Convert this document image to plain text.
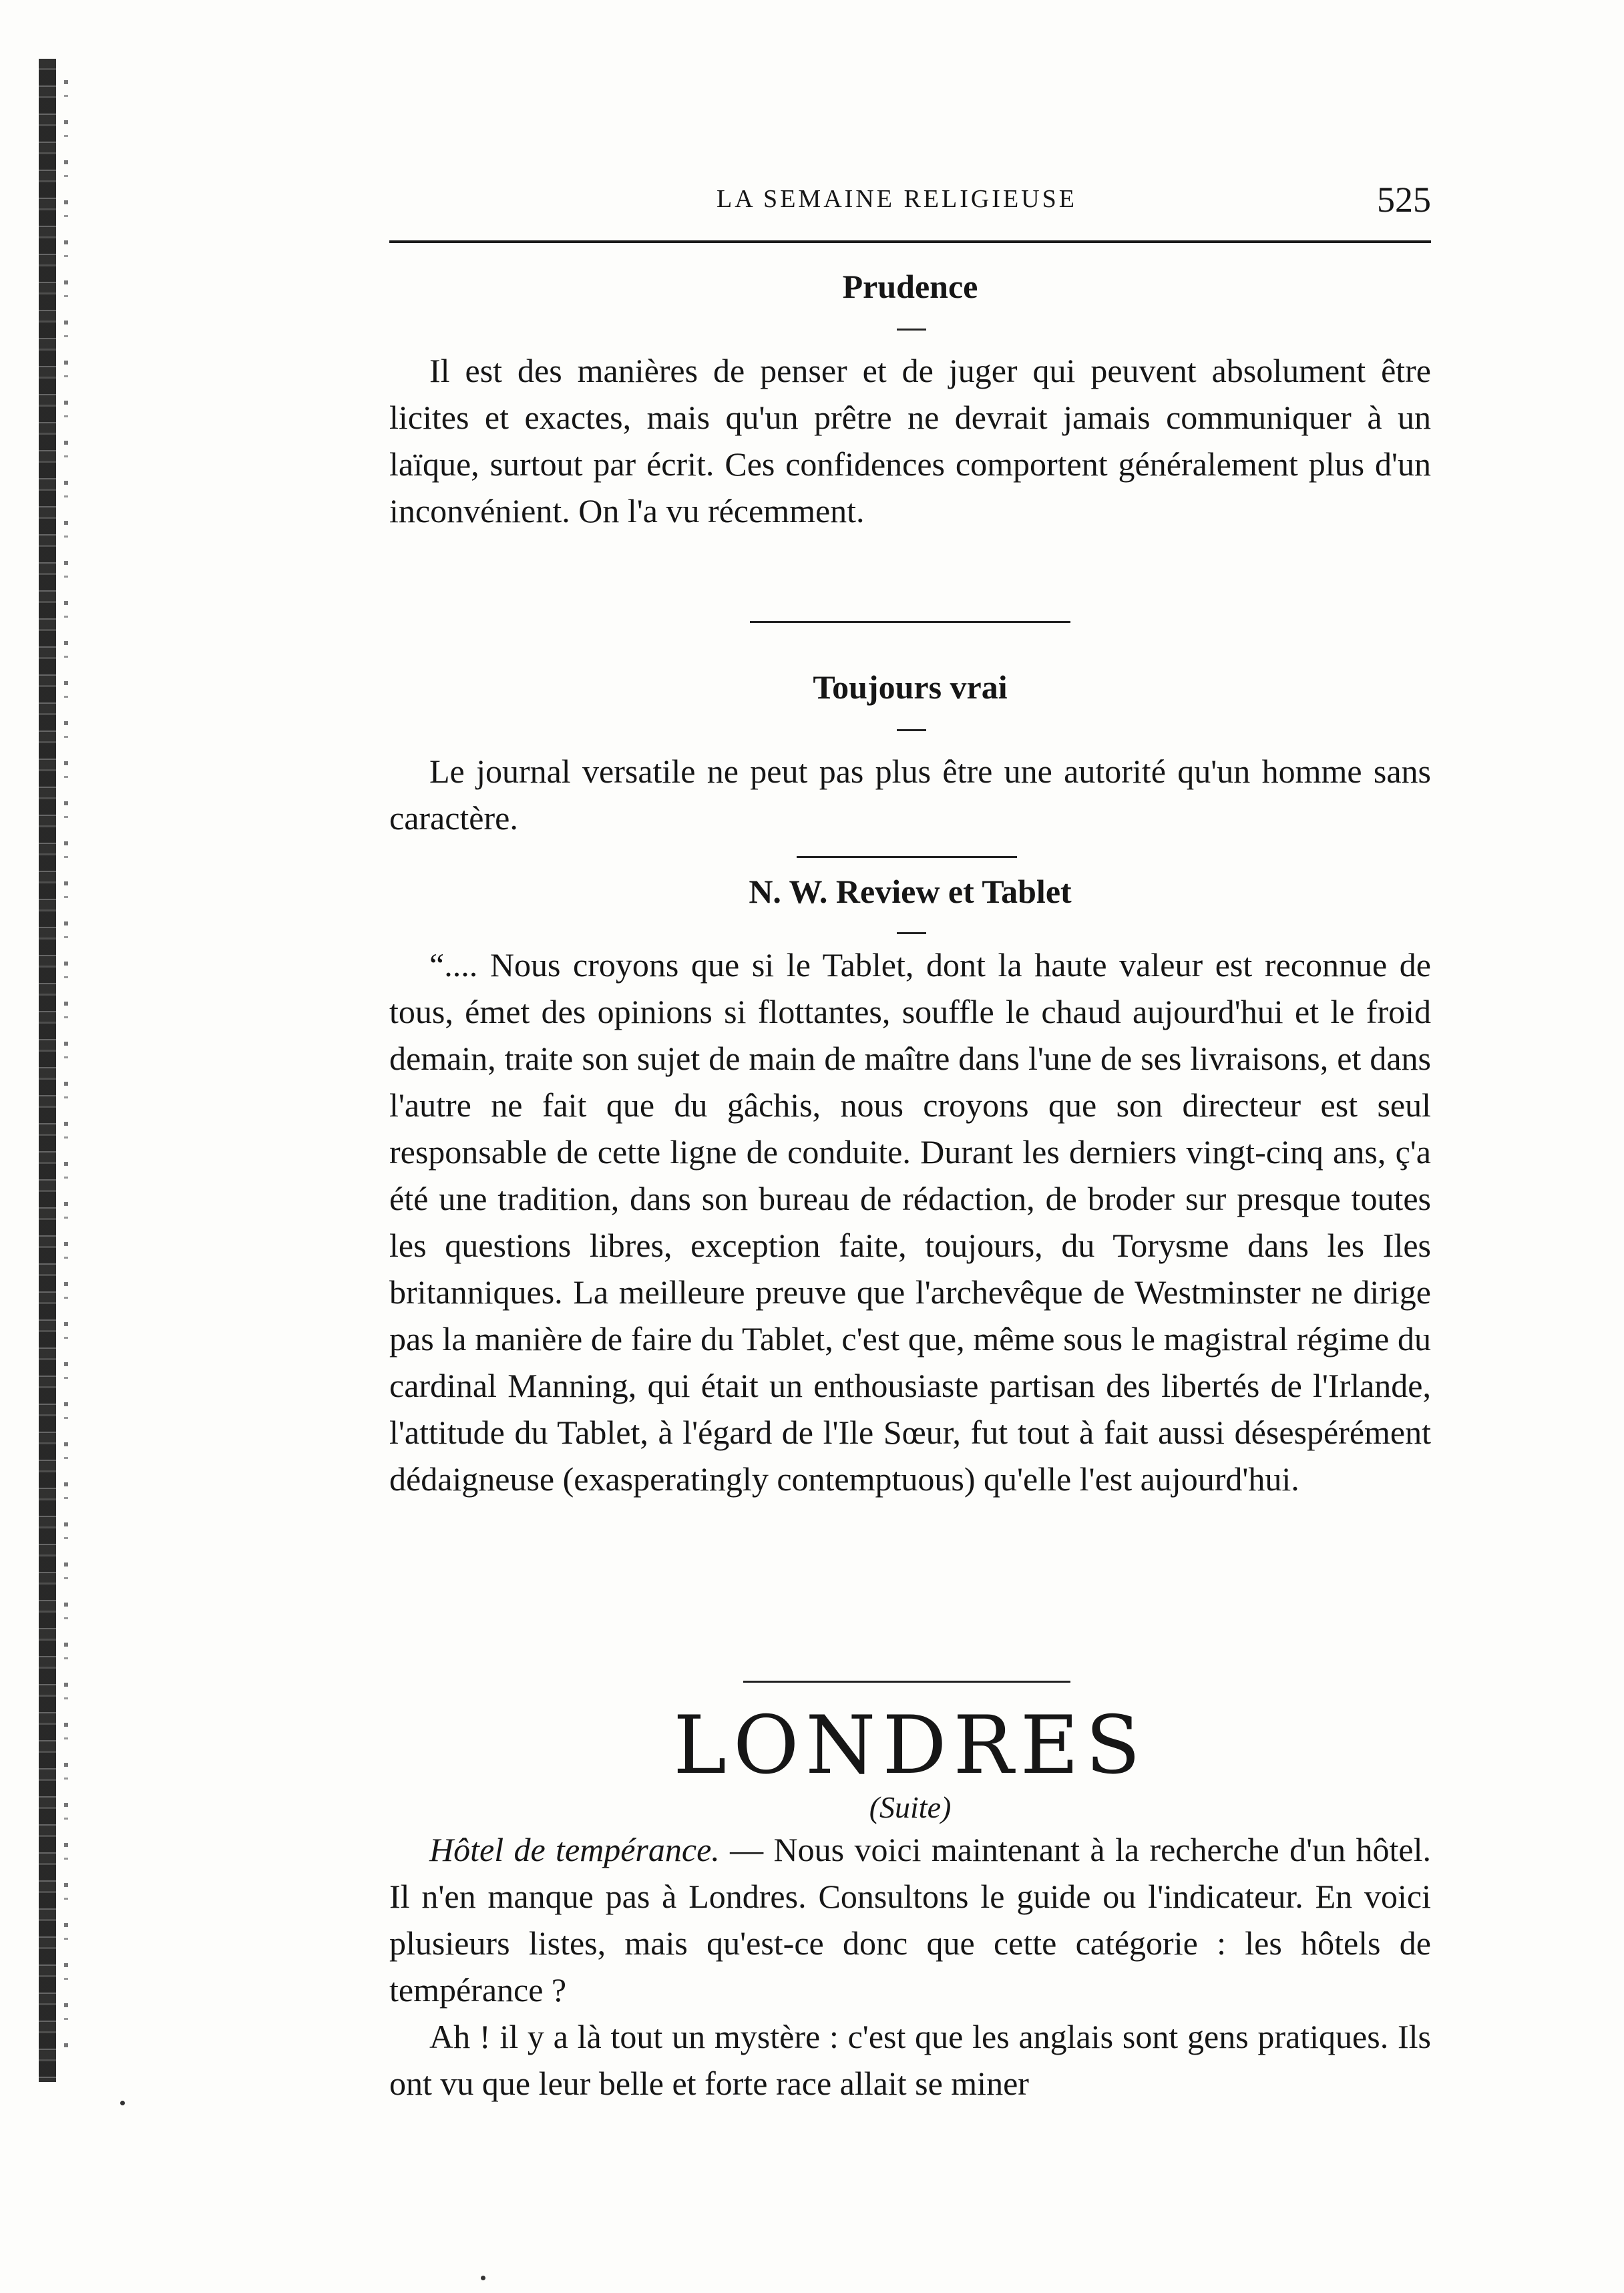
LA SEMAINE RELIGIEUSE	525
Prudence

Il est des manières de penser et de juger qui peuvent absolument être licites et exactes, mais qu'un prêtre ne devrait jamais communiquer à un laïque, surtout par écrit. Ces confidences comportent généralement plus d'un inconvénient. On l'a vu récemment.

Toujours vrai

Le journal versatile ne peut pas plus être une autorité qu'un homme sans caractère.

N. W. Review et Tablet

“.... Nous croyons que si le Tablet, dont la haute valeur est reconnue de tous, émet des opinions si flottantes, souffle le chaud aujourd'hui et le froid demain, traite son sujet de main de maître dans l'une de ses livraisons, et dans l'autre ne fait que du gâchis, nous croyons que son directeur est seul responsable de cette ligne de conduite. Durant les derniers vingt-cinq ans, ç'a été une tradition, dans son bureau de rédaction, de broder sur presque toutes les questions libres, exception faite, toujours, du Torysme dans les Iles britanniques. La meilleure preuve que l'archevêque de Westminster ne dirige pas la manière de faire du Tablet, c'est que, même sous le magistral régime du cardinal Manning, qui était un enthousiaste partisan des libertés de l'Irlande, l'attitude du Tablet, à l'égard de l'Ile Sœur, fut tout à fait aussi désespérément dédaigneuse (exasperatingly contemptuous) qu'elle l'est aujourd'hui.

LONDRES
(Suite)

Hôtel de tempérance. — Nous voici maintenant à la recherche d'un hôtel. Il n'en manque pas à Londres. Consultons le guide ou l'indicateur. En voici plusieurs listes, mais qu'est-ce donc que cette catégorie : les hôtels de tempérance ?

Ah ! il y a là tout un mystère : c'est que les anglais sont gens pratiques. Ils ont vu que leur belle et forte race allait se miner
